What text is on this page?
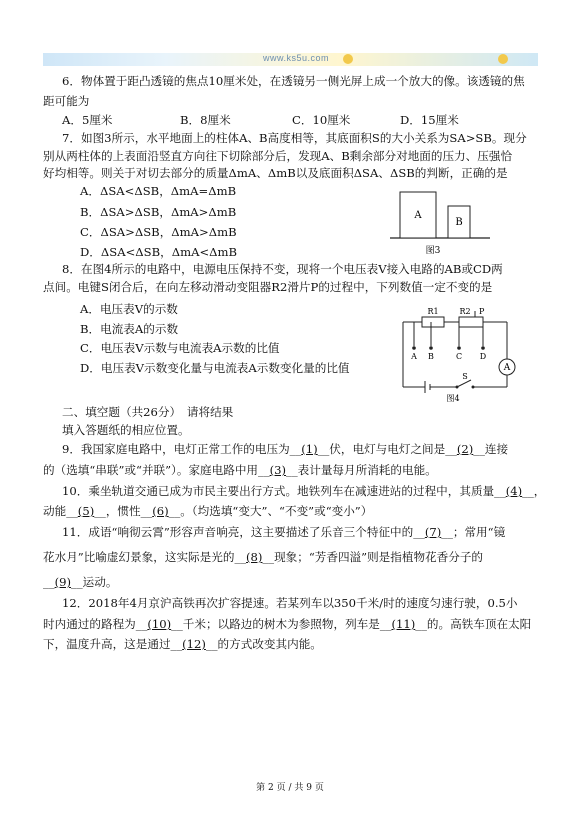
www.ks5u.com
6．物体置于距凸透镜的焦点10厘米处，在透镜另一侧光屏上成一个放大的像。该透镜的焦
距可能为
A．5厘米	B．8厘米	C．10厘米	D．15厘米
7．如图3所示，水平地面上的柱体A、B高度相等，其底面积S的大小关系为SA>SB。现分
别从两柱体的上表面沿竖直方向往下切除部分后，发现A、B剩余部分对地面的压力、压强恰
好均相等。则关于对切去部分的质量ΔmA、ΔmB以及底面积ΔSA、ΔSB的判断，正确的是
A．ΔSA<ΔSB，ΔmA=ΔmB
B．ΔSA>ΔSB，ΔmA>ΔmB
C．ΔSA>ΔSB，ΔmA>ΔmB
D．ΔSA<ΔSB，ΔmA<ΔmB
A
B
图3
8．在图4所示的电路中，电源电压保持不变，现将一个电压表V接入电路的AB或CD两
点间。电键S闭合后，在向左移动滑动变阻器R2滑片P的过程中，下列数值一定不变的是
A．电压表V的示数
B．电流表A的示数
C．电压表V示数与电流表A示数的比值
D．电压表V示数变化量与电流表A示数变化量的比值
R1	R2 P
A B	C D
A
S
图4
二、填空题（共26分）　请将结果
填入答题纸的相应位置。
9．我国家庭电路中，电灯正常工作的电压为__(1)__伏，电灯与电灯之间是__(2)__连接
的（选填“串联”或“并联”）。家庭电路中用__(3)__表计量每月所消耗的电能。
10．乘坐轨道交通已成为市民主要出行方式。地铁列车在减速进站的过程中，其质量__(4)__，
动能__(5)__，惯性__(6)__。（均选填“变大”、“不变”或“变小”）
11．成语“响彻云霄”形容声音响亮，这主要描述了乐音三个特征中的__(7)__；常用“镜
花水月”比喻虚幻景象，这实际是光的__(8)__现象；“芳香四溢”则是指植物花香分子的
__(9)__运动。
12．2018年4月京沪高铁再次扩容提速。若某列车以350千米/时的速度匀速行驶，0.5小
时内通过的路程为__(10)__千米；以路边的树木为参照物，列车是__(11)__的。高铁车顶在太阳
下，温度升高，这是通过__(12)__的方式改变其内能。
第 2 页 / 共 9 页
